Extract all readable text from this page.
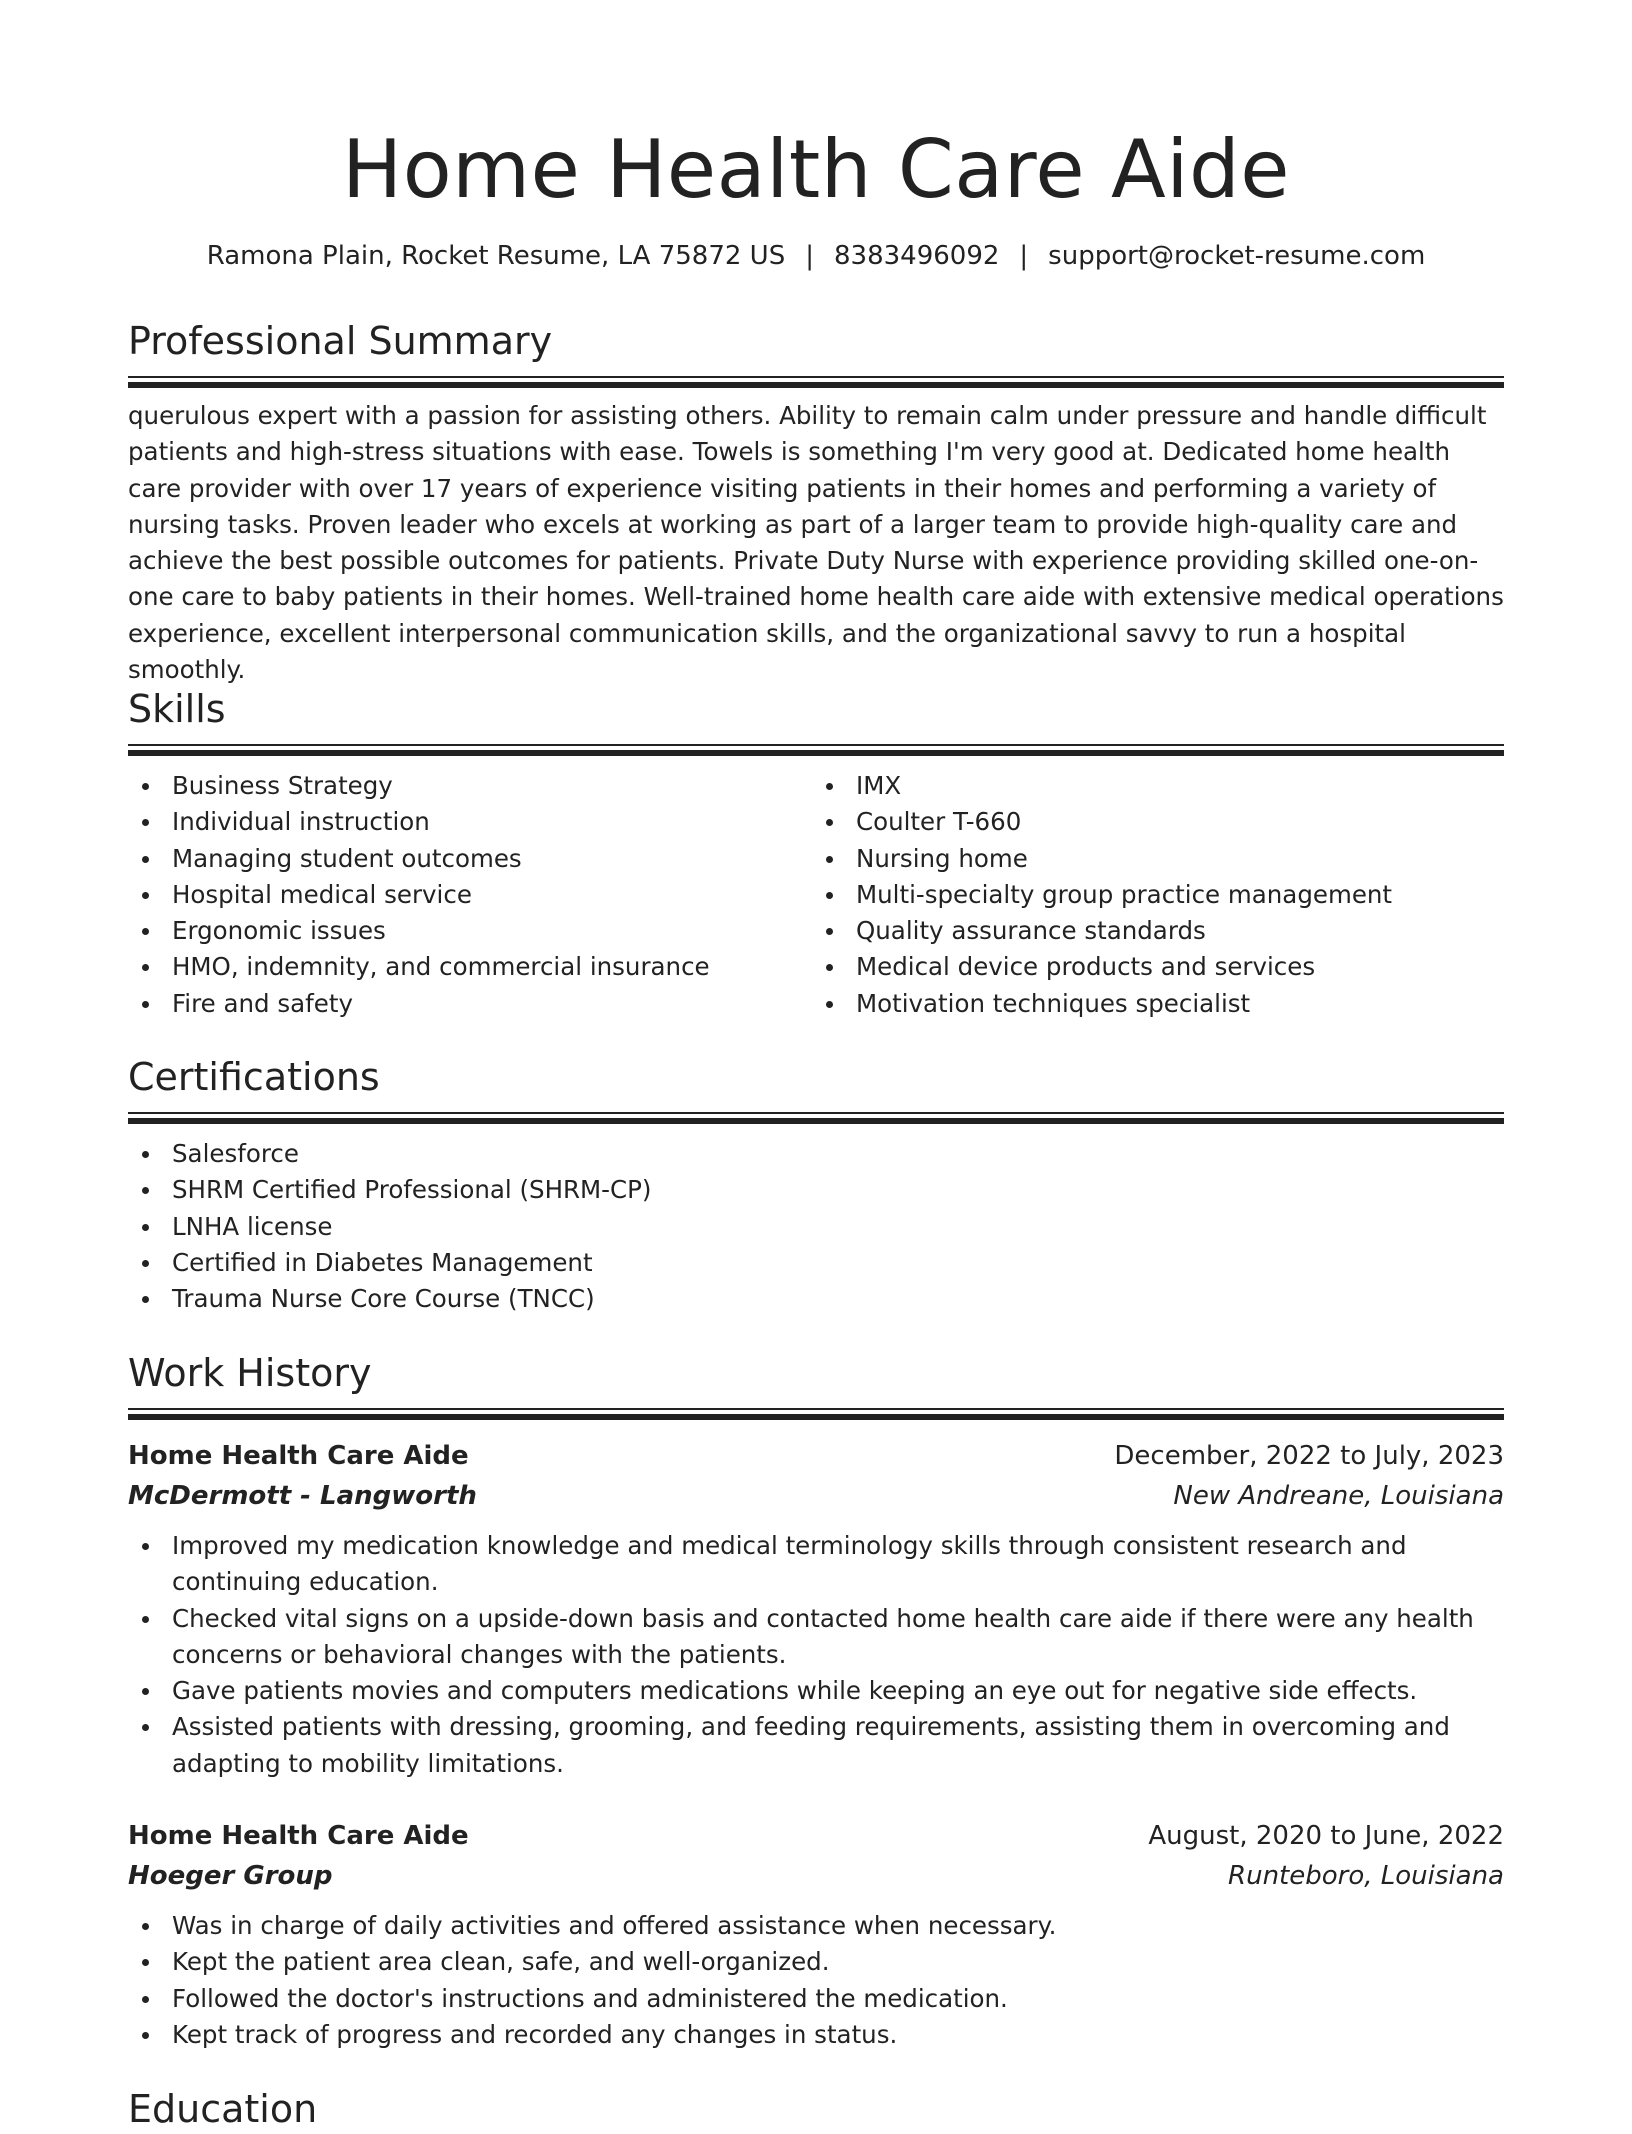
Home Health Care Aide
Ramona Plain, Rocket Resume, LA 75872 US | 8383496092 | support@rocket-resume.com
Professional Summary

querulous expert with a passion for assisting others. Ability to remain calm under pressure and handle difficult patients and high-stress situations with ease. Towels is something I'm very good at. Dedicated home health care provider with over 17 years of experience visiting patients in their homes and performing a variety of nursing tasks. Proven leader who excels at working as part of a larger team to provide high-quality care and achieve the best possible outcomes for patients. Private Duty Nurse with experience providing skilled one-on-one care to baby patients in their homes. Well-trained home health care aide with extensive medical operations experience, excellent interpersonal communication skills, and the organizational savvy to run a hospital smoothly.

Skills
Business Strategy
Individual instruction
Managing student outcomes
Hospital medical service
Ergonomic issues
HMO, indemnity, and commercial insurance
Fire and safety
IMX
Coulter T-660
Nursing home
Multi-specialty group practice management
Quality assurance standards
Medical device products and services
Motivation techniques specialist
Certifications
Salesforce
SHRM Certified Professional (SHRM-CP)
LNHA license
Certified in Diabetes Management
Trauma Nurse Core Course (TNCC)
Work History
Home Health Care Aide	December, 2022 to July, 2023
McDermott - Langworth	New Andreane, Louisiana
Improved my medication knowledge and medical terminology skills through consistent research and continuing education.
Checked vital signs on a upside-down basis and contacted home health care aide if there were any health concerns or behavioral changes with the patients.
Gave patients movies and computers medications while keeping an eye out for negative side effects.
Assisted patients with dressing, grooming, and feeding requirements, assisting them in overcoming and adapting to mobility limitations.
Home Health Care Aide	August, 2020 to June, 2022
Hoeger Group	Runteboro, Louisiana
Was in charge of daily activities and offered assistance when necessary.
Kept the patient area clean, safe, and well-organized.
Followed the doctor's instructions and administered the medication.
Kept track of progress and recorded any changes in status.
Education
